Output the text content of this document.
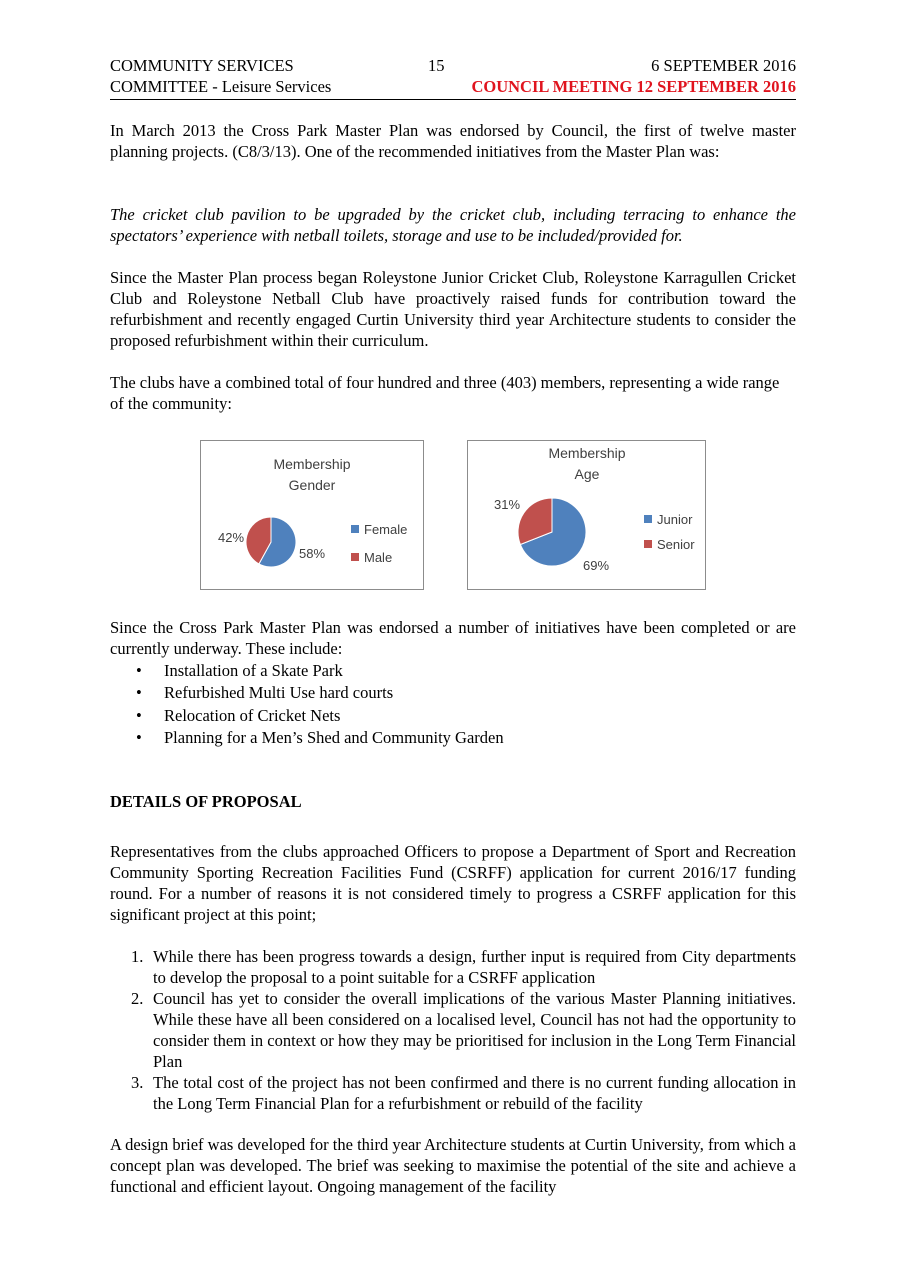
COMMUNITY SERVICES
COMMITTEE - Leisure Services
15	6 SEPTEMBER 2016
COUNCIL MEETING 12 SEPTEMBER 2016

In March 2013 the Cross Park Master Plan was endorsed by Council, the first of twelve master planning projects. (C8/3/13). One of the recommended initiatives from the Master Plan was:

The cricket club pavilion to be upgraded by the cricket club, including terracing to enhance the spectators’ experience with netball toilets, storage and use to be included/provided for.

Since the Master Plan process began Roleystone Junior Cricket Club, Roleystone Karragullen Cricket Club and Roleystone Netball Club have proactively raised funds for contribution toward the refurbishment and recently engaged Curtin University third year Architecture students to consider the proposed refurbishment within their curriculum.

The clubs have a combined total of four hundred and three (403) members, representing a wide range of the community:

Membership
Gender
58%
42%
Female
Male
Membership
Age
69%
31%
Junior
Senior

Since the Cross Park Master Plan was endorsed a number of initiatives have been completed or are currently underway. These include:

• Installation of a Skate Park
• Refurbished Multi Use hard courts
• Relocation of Cricket Nets
• Planning for a Men’s Shed and Community Garden

DETAILS OF PROPOSAL

Representatives from the clubs approached Officers to propose a Department of Sport and Recreation Community Sporting Recreation Facilities Fund (CSRFF) application for current 2016/17 funding round. For a number of reasons it is not considered timely to progress a CSRFF application for this significant project at this point;

1. While there has been progress towards a design, further input is required from City departments to develop the proposal to a point suitable for a CSRFF application
2. Council has yet to consider the overall implications of the various Master Planning initiatives. While these have all been considered on a localised level, Council has not had the opportunity to consider them in context or how they may be prioritised for inclusion in the Long Term Financial Plan
3. The total cost of the project has not been confirmed and there is no current funding allocation in the Long Term Financial Plan for a refurbishment or rebuild of the facility

A design brief was developed for the third year Architecture students at Curtin University, from which a concept plan was developed. The brief was seeking to maximise the potential of the site and achieve a functional and efficient layout. Ongoing management of the facility
